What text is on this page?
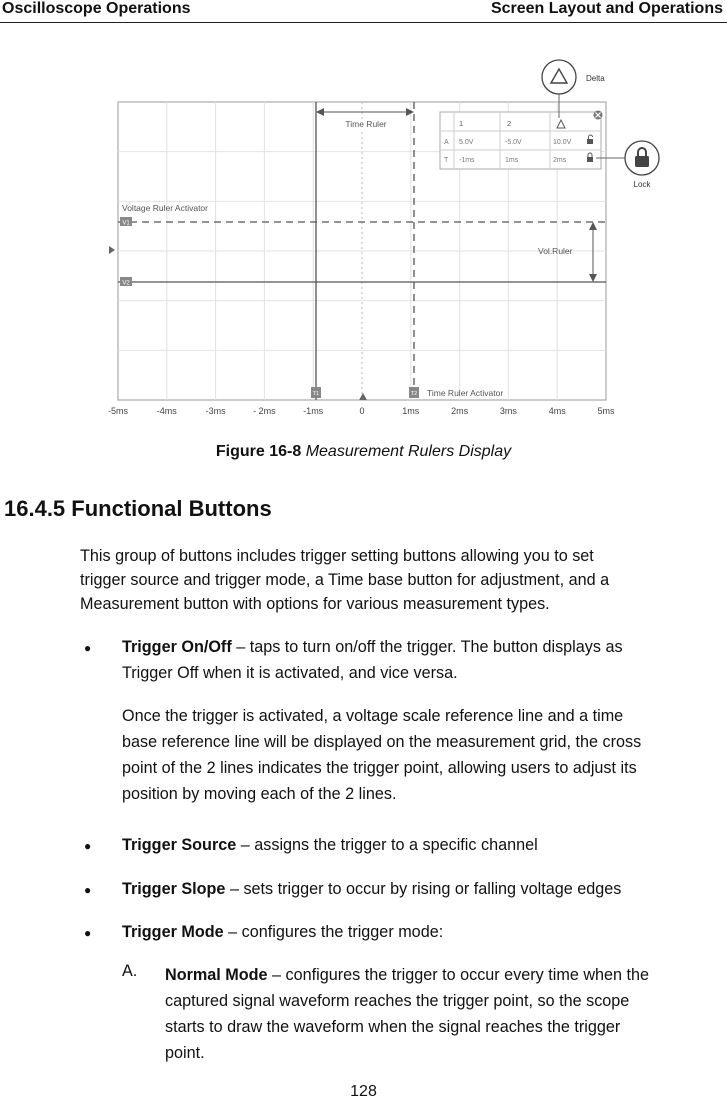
Oscilloscope Operations	Screen Layout and Operations
V1
V2
Voltage Ruler Activator
Vol.Ruler
T1	T2 Time Ruler Activator
Time Ruler	1	2
A 5.0V	-5.0V	10.0V
T -1ms	1ms	2ms
Delta
Lock
-5ms	-4ms	-3ms	- 2ms	-1ms	0	1ms	2ms	3ms	4ms	5ms
Figure 16-8 Measurement Rulers Display
16.4.5 Functional Buttons
This group of buttons includes trigger setting buttons allowing you to set
trigger source and trigger mode, a Time base button for adjustment, and a
Measurement button with options for various measurement types.
● Trigger On/Off – taps to turn on/off the trigger. The button displays as
Trigger Off when it is activated, and vice versa.
Once the trigger is activated, a voltage scale reference line and a time
base reference line will be displayed on the measurement grid, the cross
point of the 2 lines indicates the trigger point, allowing users to adjust its
position by moving each of the 2 lines.
● Trigger Source – assigns the trigger to a specific channel
● Trigger Slope – sets trigger to occur by rising or falling voltage edges
● Trigger Mode – configures the trigger mode:
A. Normal Mode – configures the trigger to occur every time when the
captured signal waveform reaches the trigger point, so the scope
starts to draw the waveform when the signal reaches the trigger
point.
128
